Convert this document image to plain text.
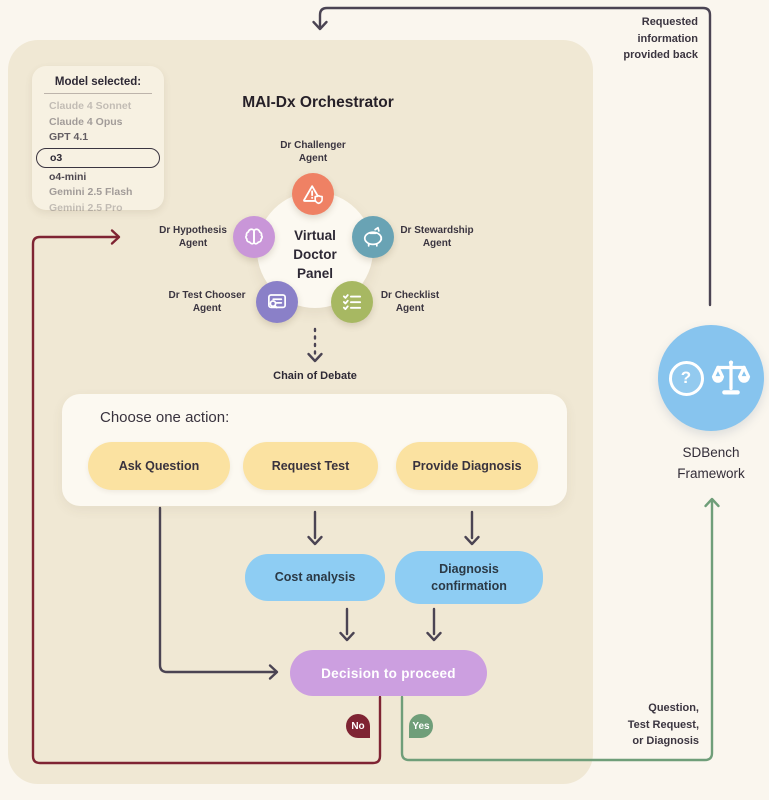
Model selected:
Claude 4 Sonnet
Claude 4 Opus
GPT 4.1
o3
o4-mini
Gemini 2.5 Flash
Gemini 2.5 Pro
MAI-Dx Orchestrator
Virtual
Doctor
Panel
Dr Challenger
Agent
Dr Hypothesis
Agent
Dr Stewardship
Agent
Dr Test Chooser
Agent
Dr Checklist
Agent
Chain of Debate
Choose one action:
Ask Question	Request Test	Provide Diagnosis
Cost analysis
Diagnosis
confirmation
Decision to proceed
No	Yes
?
SDBench
Framework
Requested
information
provided back
Question,
Test Request,
or Diagnosis
